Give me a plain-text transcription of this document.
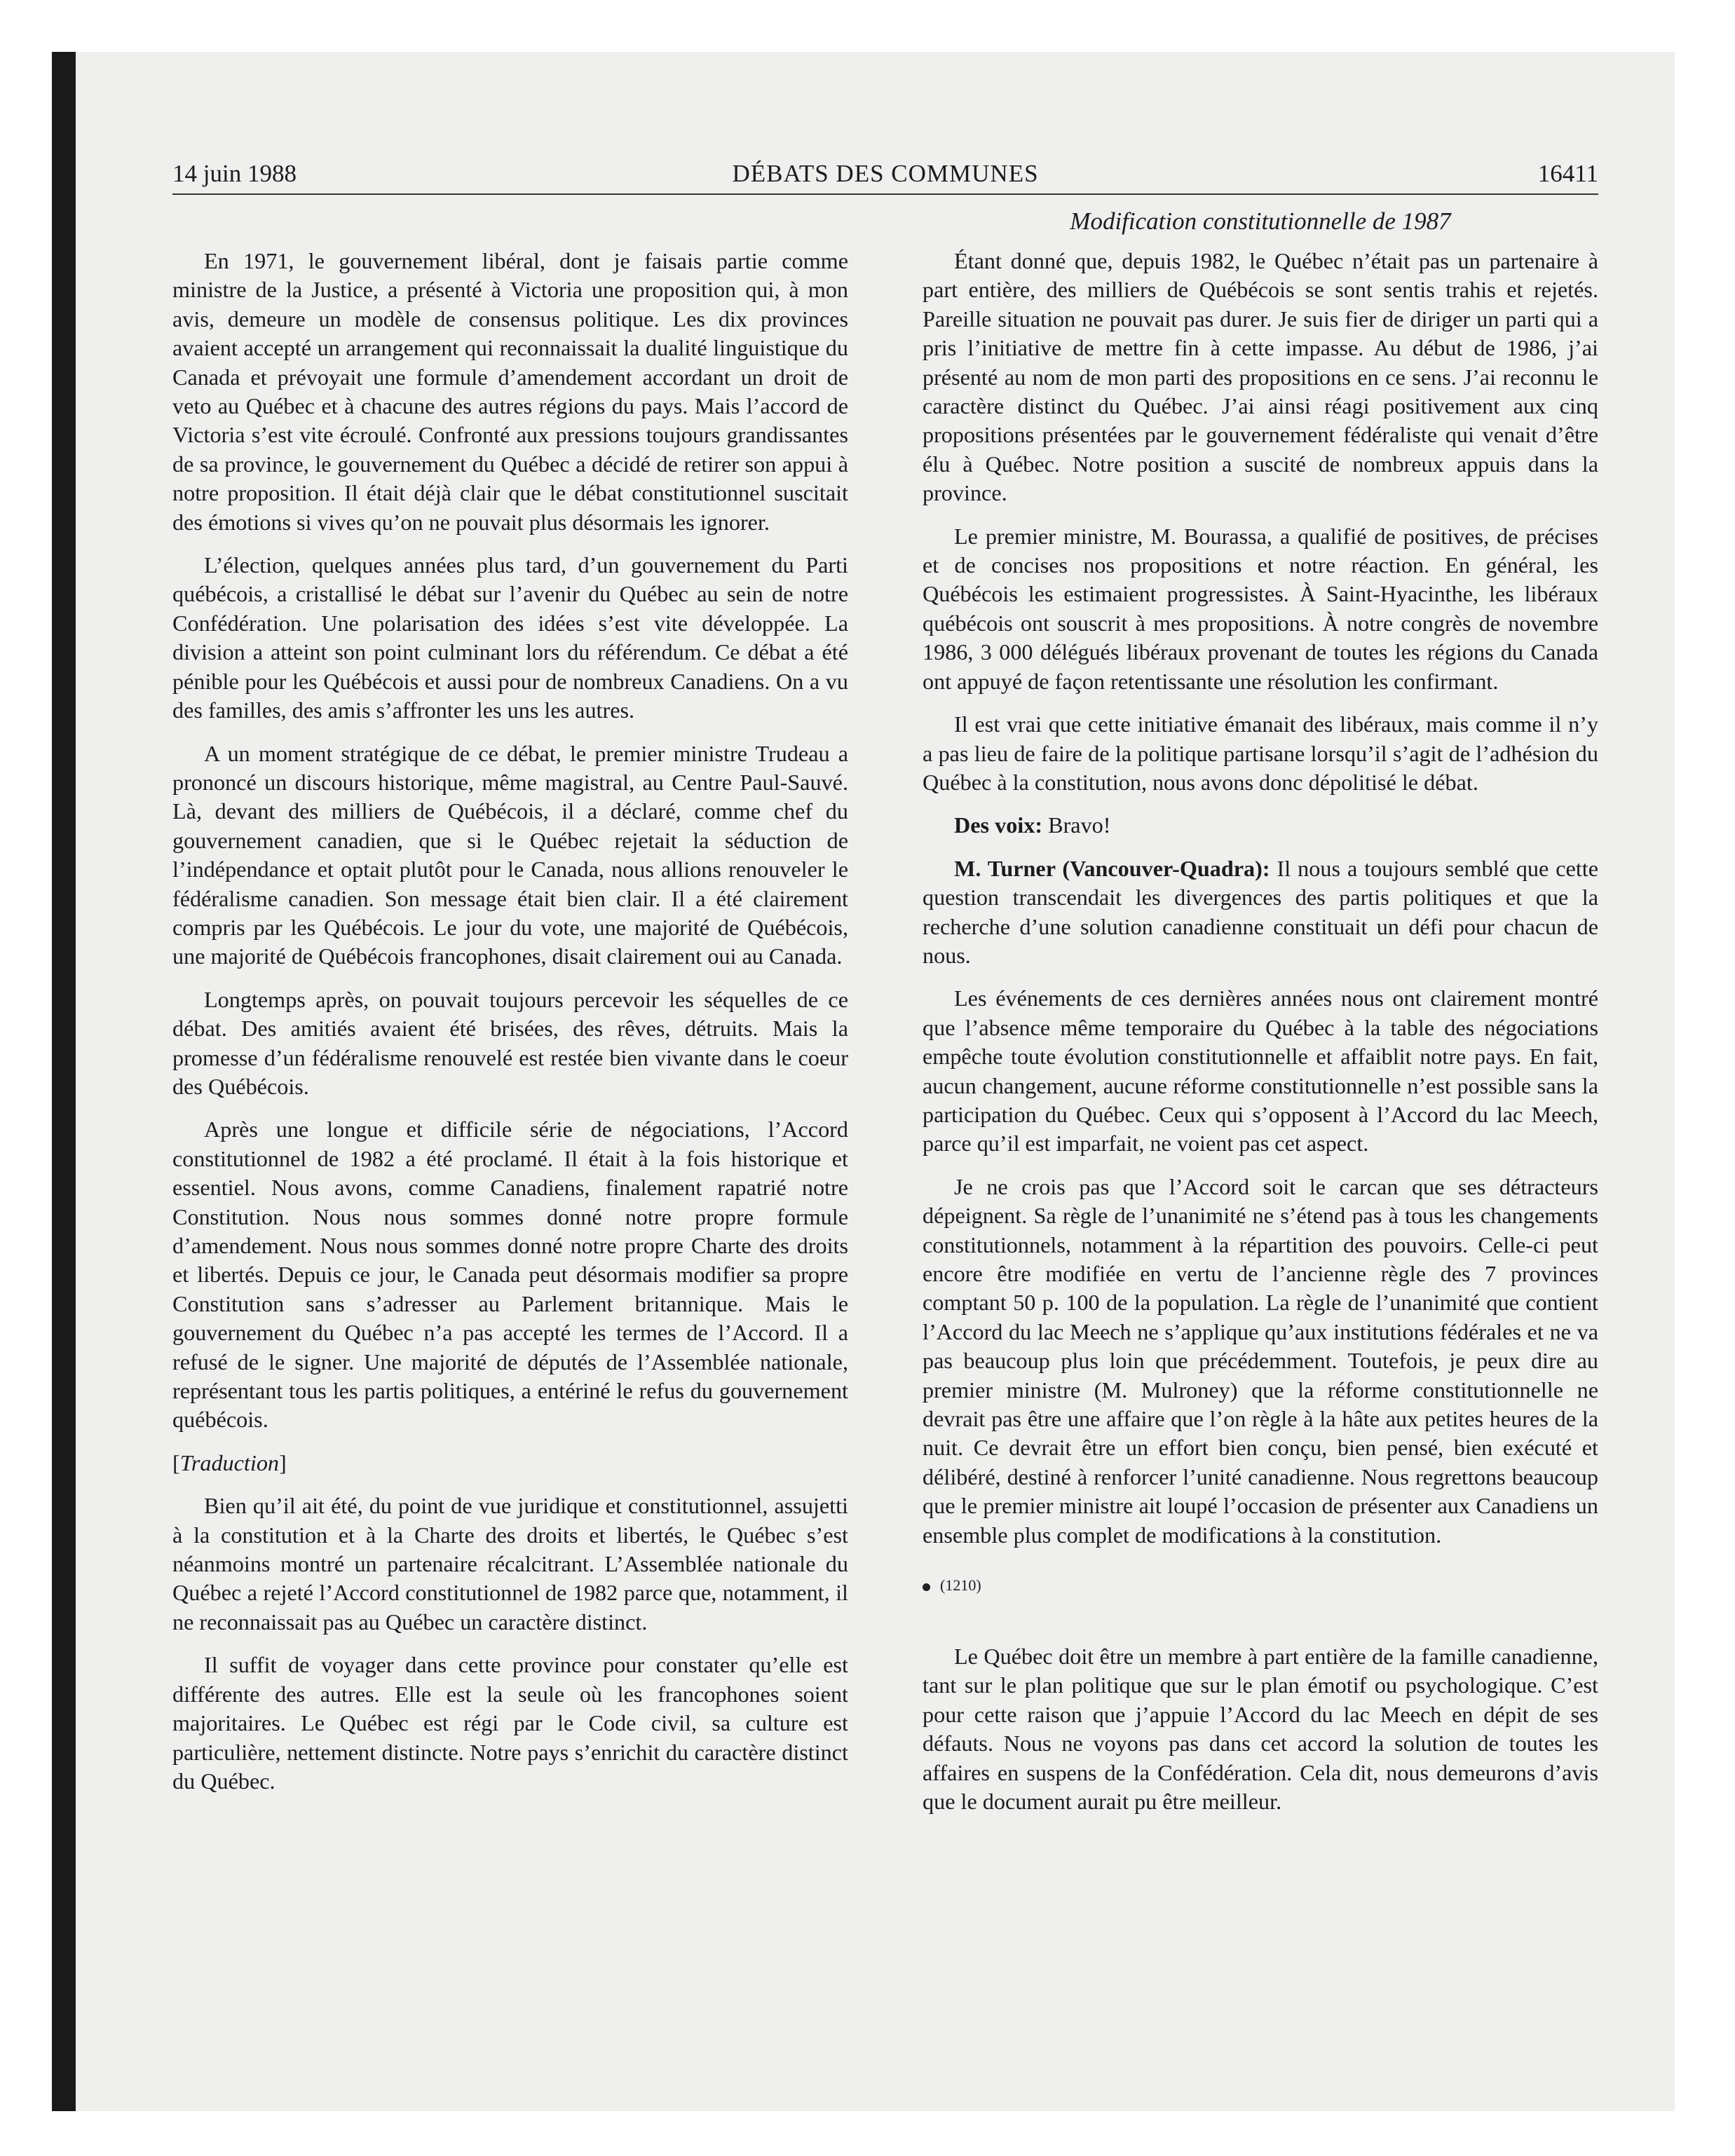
14 juin 1988	DÉBATS DES COMMUNES	16411
Modification constitutionnelle de 1987

En 1971, le gouvernement libéral, dont je faisais partie comme ministre de la Justice, a présenté à Victoria une proposition qui, à mon avis, demeure un modèle de consensus politique. Les dix provinces avaient accepté un arrangement qui reconnaissait la dualité linguistique du Canada et prévoyait une formule d’amendement accordant un droit de veto au Québec et à chacune des autres régions du pays. Mais l’accord de Victoria s’est vite écroulé. Confronté aux pressions toujours grandissantes de sa province, le gouvernement du Québec a décidé de retirer son appui à notre proposition. Il était déjà clair que le débat constitutionnel suscitait des émotions si vives qu’on ne pouvait plus désormais les ignorer.

L’élection, quelques années plus tard, d’un gouvernement du Parti québécois, a cristallisé le débat sur l’avenir du Québec au sein de notre Confédération. Une polarisation des idées s’est vite développée. La division a atteint son point culminant lors du référendum. Ce débat a été pénible pour les Québécois et aussi pour de nombreux Canadiens. On a vu des familles, des amis s’affronter les uns les autres.

A un moment stratégique de ce débat, le premier ministre Trudeau a prononcé un discours historique, même magistral, au Centre Paul-Sauvé. Là, devant des milliers de Québécois, il a déclaré, comme chef du gouvernement canadien, que si le Québec rejetait la séduction de l’indépendance et optait plutôt pour le Canada, nous allions renouveler le fédéralisme canadien. Son message était bien clair. Il a été clairement compris par les Québécois. Le jour du vote, une majorité de Québécois, une majorité de Québécois francophones, disait clairement oui au Canada.

Longtemps après, on pouvait toujours percevoir les séquelles de ce débat. Des amitiés avaient été brisées, des rêves, détruits. Mais la promesse d’un fédéralisme renouvelé est restée bien vivante dans le coeur des Québécois.

Après une longue et difficile série de négociations, l’Accord constitutionnel de 1982 a été proclamé. Il était à la fois historique et essentiel. Nous avons, comme Canadiens, finalement rapatrié notre Constitution. Nous nous sommes donné notre propre formule d’amendement. Nous nous sommes donné notre propre Charte des droits et libertés. Depuis ce jour, le Canada peut désormais modifier sa propre Constitution sans s’adresser au Parlement britannique. Mais le gouvernement du Québec n’a pas accepté les termes de l’Accord. Il a refusé de le signer. Une majorité de députés de l’Assemblée nationale, représentant tous les partis politiques, a entériné le refus du gouvernement québécois.

[Traduction]

Bien qu’il ait été, du point de vue juridique et constitutionnel, assujetti à la constitution et à la Charte des droits et libertés, le Québec s’est néanmoins montré un partenaire récalcitrant. L’Assemblée nationale du Québec a rejeté l’Accord constitutionnel de 1982 parce que, notamment, il ne reconnaissait pas au Québec un caractère distinct.

Il suffit de voyager dans cette province pour constater qu’elle est différente des autres. Elle est la seule où les francophones soient majoritaires. Le Québec est régi par le Code civil, sa culture est particulière, nettement distincte. Notre pays s’enrichit du caractère distinct du Québec.

Étant donné que, depuis 1982, le Québec n’était pas un partenaire à part entière, des milliers de Québécois se sont sentis trahis et rejetés. Pareille situation ne pouvait pas durer. Je suis fier de diriger un parti qui a pris l’initiative de mettre fin à cette impasse. Au début de 1986, j’ai présenté au nom de mon parti des propositions en ce sens. J’ai reconnu le caractère distinct du Québec. J’ai ainsi réagi positivement aux cinq propositions présentées par le gouvernement fédéraliste qui venait d’être élu à Québec. Notre position a suscité de nombreux appuis dans la province.

Le premier ministre, M. Bourassa, a qualifié de positives, de précises et de concises nos propositions et notre réaction. En général, les Québécois les estimaient progressistes. À Saint-Hyacinthe, les libéraux québécois ont souscrit à mes propositions. À notre congrès de novembre 1986, 3 000 délégués libéraux provenant de toutes les régions du Canada ont appuyé de façon retentissante une résolution les confirmant.

Il est vrai que cette initiative émanait des libéraux, mais comme il n’y a pas lieu de faire de la politique partisane lorsqu’il s’agit de l’adhésion du Québec à la constitution, nous avons donc dépolitisé le débat.

Des voix: Bravo!

M. Turner (Vancouver-Quadra): Il nous a toujours semblé que cette question transcendait les divergences des partis politiques et que la recherche d’une solution canadienne constituait un défi pour chacun de nous.

Les événements de ces dernières années nous ont clairement montré que l’absence même temporaire du Québec à la table des négociations empêche toute évolution constitutionnelle et affaiblit notre pays. En fait, aucun changement, aucune réforme constitutionnelle n’est possible sans la participation du Québec. Ceux qui s’opposent à l’Accord du lac Meech, parce qu’il est imparfait, ne voient pas cet aspect.

Je ne crois pas que l’Accord soit le carcan que ses détracteurs dépeignent. Sa règle de l’unanimité ne s’étend pas à tous les changements constitutionnels, notamment à la répartition des pouvoirs. Celle-ci peut encore être modifiée en vertu de l’ancienne règle des 7 provinces comptant 50 p. 100 de la population. La règle de l’unanimité que contient l’Accord du lac Meech ne s’applique qu’aux institutions fédérales et ne va pas beaucoup plus loin que précédemment. Toutefois, je peux dire au premier ministre (M. Mulroney) que la réforme constitutionnelle ne devrait pas être une affaire que l’on règle à la hâte aux petites heures de la nuit. Ce devrait être un effort bien conçu, bien pensé, bien exécuté et délibéré, destiné à renforcer l’unité canadienne. Nous regrettons beaucoup que le premier ministre ait loupé l’occasion de présenter aux Canadiens un ensemble plus complet de modifications à la constitution.

(1210)

Le Québec doit être un membre à part entière de la famille canadienne, tant sur le plan politique que sur le plan émotif ou psychologique. C’est pour cette raison que j’appuie l’Accord du lac Meech en dépit de ses défauts. Nous ne voyons pas dans cet accord la solution de toutes les affaires en suspens de la Confédération. Cela dit, nous demeurons d’avis que le document aurait pu être meilleur.
